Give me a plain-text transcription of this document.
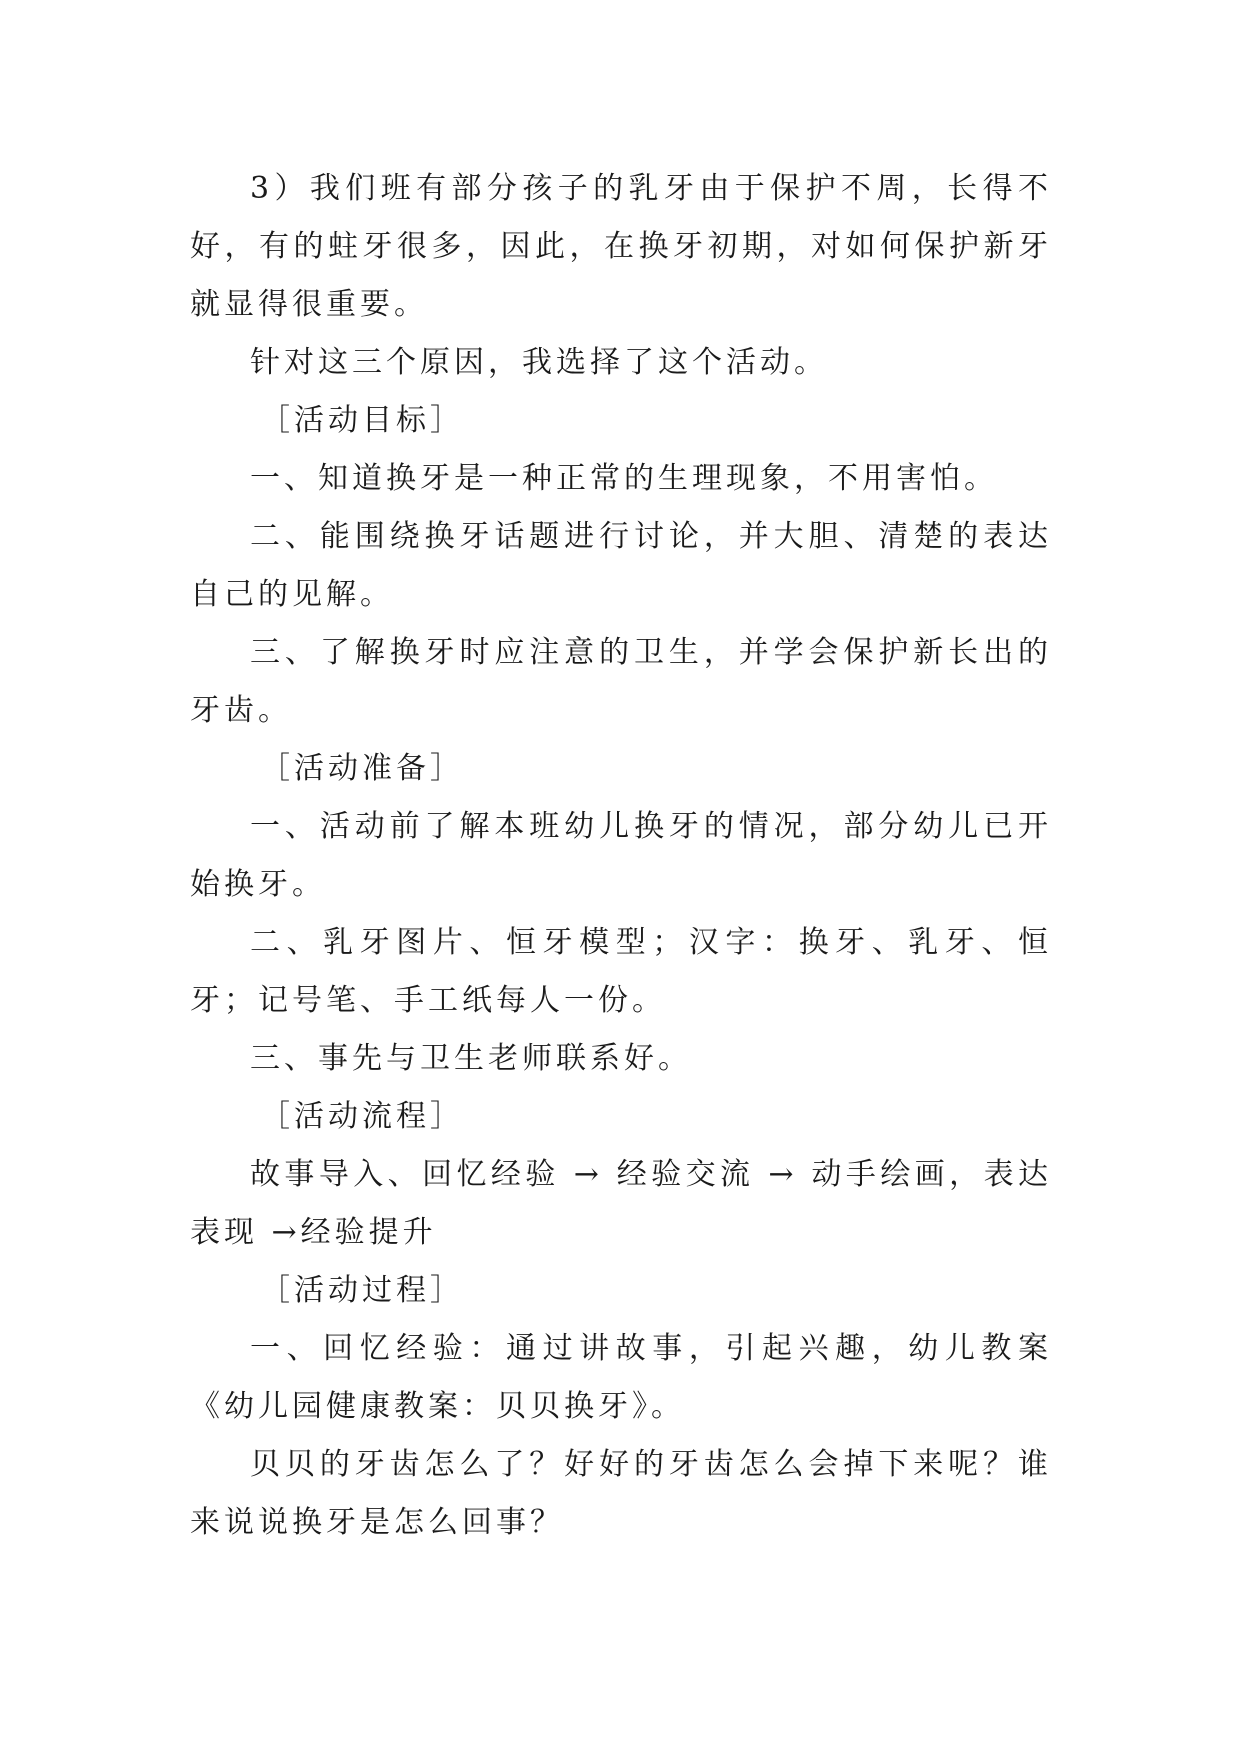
3）我们班有部分孩子的乳牙由于保护不周，长得不好，有的蛀牙很多，因此，在换牙初期，对如何保护新牙就显得很重要。

针对这三个原因，我选择了这个活动。

［活动目标］

一、知道换牙是一种正常的生理现象，不用害怕。

二、能围绕换牙话题进行讨论，并大胆、清楚的表达自己的见解。

三、了解换牙时应注意的卫生，并学会保护新长出的牙齿。

［活动准备］

一、活动前了解本班幼儿换牙的情况，部分幼儿已开始换牙。

二、乳牙图片、恒牙模型；汉字：换牙、乳牙、恒牙；记号笔、手工纸每人一份。

三、事先与卫生老师联系好。

［活动流程］

故事导入、回忆经验 → 经验交流 → 动手绘画，表达表现 →经验提升

［活动过程］

一、回忆经验：通过讲故事，引起兴趣，幼儿教案《幼儿园健康教案：贝贝换牙》。

贝贝的牙齿怎么了？好好的牙齿怎么会掉下来呢？谁来说说换牙是怎么回事？
